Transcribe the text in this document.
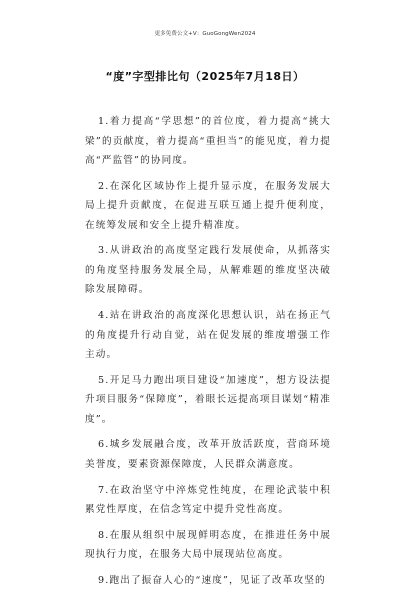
更多免费公文+V：GuoGongWen2024
“度”字型排比句（2025年7月18日）

1.着力提高“学思想”的首位度，着力提高“挑大梁”的贡献度，着力提高“重担当”的能见度，着力提高“严监管”的协同度。

2.在深化区域协作上提升显示度，在服务发展大局上提升贡献度，在促进互联互通上提升便利度，在统筹发展和安全上提升精准度。

3.从讲政治的高度坚定践行发展使命，从抓落实的角度坚持服务发展全局，从解难题的维度坚决破除发展障碍。

4.站在讲政治的高度深化思想认识，站在扬正气的角度提升行动自觉，站在促发展的维度增强工作主动。

5.开足马力跑出项目建设“加速度”，想方设法提升项目服务“保障度”，着眼长远提高项目谋划“精准度”。

6.城乡发展融合度，改革开放活跃度，营商环境美誉度，要素资源保障度，人民群众满意度。

7.在政治坚守中淬炼党性纯度，在理论武装中积累党性厚度，在信念笃定中提升党性高度。

8.在服从组织中展现鲜明态度，在推进任务中展现执行力度，在服务大局中展现站位高度。

9.跑出了振奋人心的“速度”，见证了改革攻坚的
